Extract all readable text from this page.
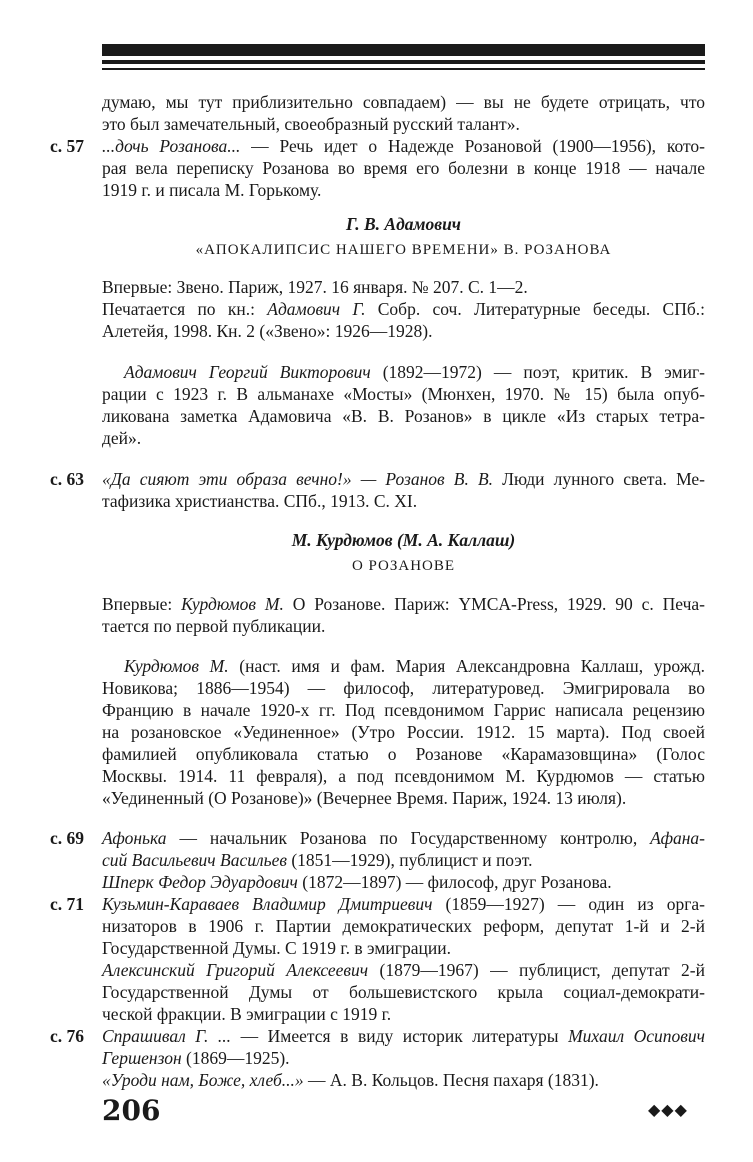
думаю, мы тут приблизительно совпадаем) — вы не будете отрицать, что
это был замечательный, своеобразный русский талант».
с. 57 ...дочь Розанова... — Речь идет о Надежде Розановой (1900—1956), кото-
рая вела переписку Розанова во время его болезни в конце 1918 — начале
1919 г. и писала М. Горькому.
Г. В. Адамович
«АПОКАЛИПСИС НАШЕГО ВРЕМЕНИ» В. РОЗАНОВА
Впервые: Звено. Париж, 1927. 16 января. № 207. С. 1—2.
Печатается по кн.: Адамович Г. Собр. соч. Литературные беседы. СПб.:
Алетейя, 1998. Кн. 2 («Звено»: 1926—1928).
Адамович Георгий Викторович (1892—1972) — поэт, критик. В эмиг-
рации с 1923 г. В альманахе «Мосты» (Мюнхен, 1970. № 15) была опуб-
ликована заметка Адамовича «В. В. Розанов» в цикле «Из старых тетра-
дей».
с. 63 «Да сияют эти образа вечно!» — Розанов В. В. Люди лунного света. Ме-
тафизика христианства. СПб., 1913. С. XI.
М. Курдюмов (М. А. Каллаш)
О РОЗАНОВЕ
Впервые: Курдюмов М. О Розанове. Париж: YMCA-Press, 1929. 90 с. Печа-
тается по первой публикации.
Курдюмов М. (наст. имя и фам. Мария Александровна Каллаш, урожд.
Новикова; 1886—1954) — философ, литературовед. Эмигрировала во
Францию в начале 1920-х гг. Под псевдонимом Гаррис написала рецензию
на розановское «Уединенное» (Утро России. 1912. 15 марта). Под своей
фамилией опубликовала статью о Розанове «Карамазовщина» (Голос
Москвы. 1914. 11 февраля), а под псевдонимом М. Курдюмов — статью
«Уединенный (О Розанове)» (Вечернее Время. Париж, 1924. 13 июля).
с. 69 Афонька — начальник Розанова по Государственному контролю, Афана-
сий Васильевич Васильев (1851—1929), публицист и поэт.
Шперк Федор Эдуардович (1872—1897) — философ, друг Розанова.
с. 71 Кузьмин-Караваев Владимир Дмитриевич (1859—1927) — один из орга-
низаторов в 1906 г. Партии демократических реформ, депутат 1-й и 2-й
Государственной Думы. С 1919 г. в эмиграции.
Алексинский Григорий Алексеевич (1879—1967) — публицист, депутат 2-й
Государственной Думы от большевистского крыла социал-демократи-
ческой фракции. В эмиграции с 1919 г.
с. 76 Спрашивал Г. ... — Имеется в виду историк литературы Михаил Осипович
Гершензон (1869—1925).
«Уроди нам, Боже, хлеб...» — А. В. Кольцов. Песня пахаря (1831).
206	◆◆◆
